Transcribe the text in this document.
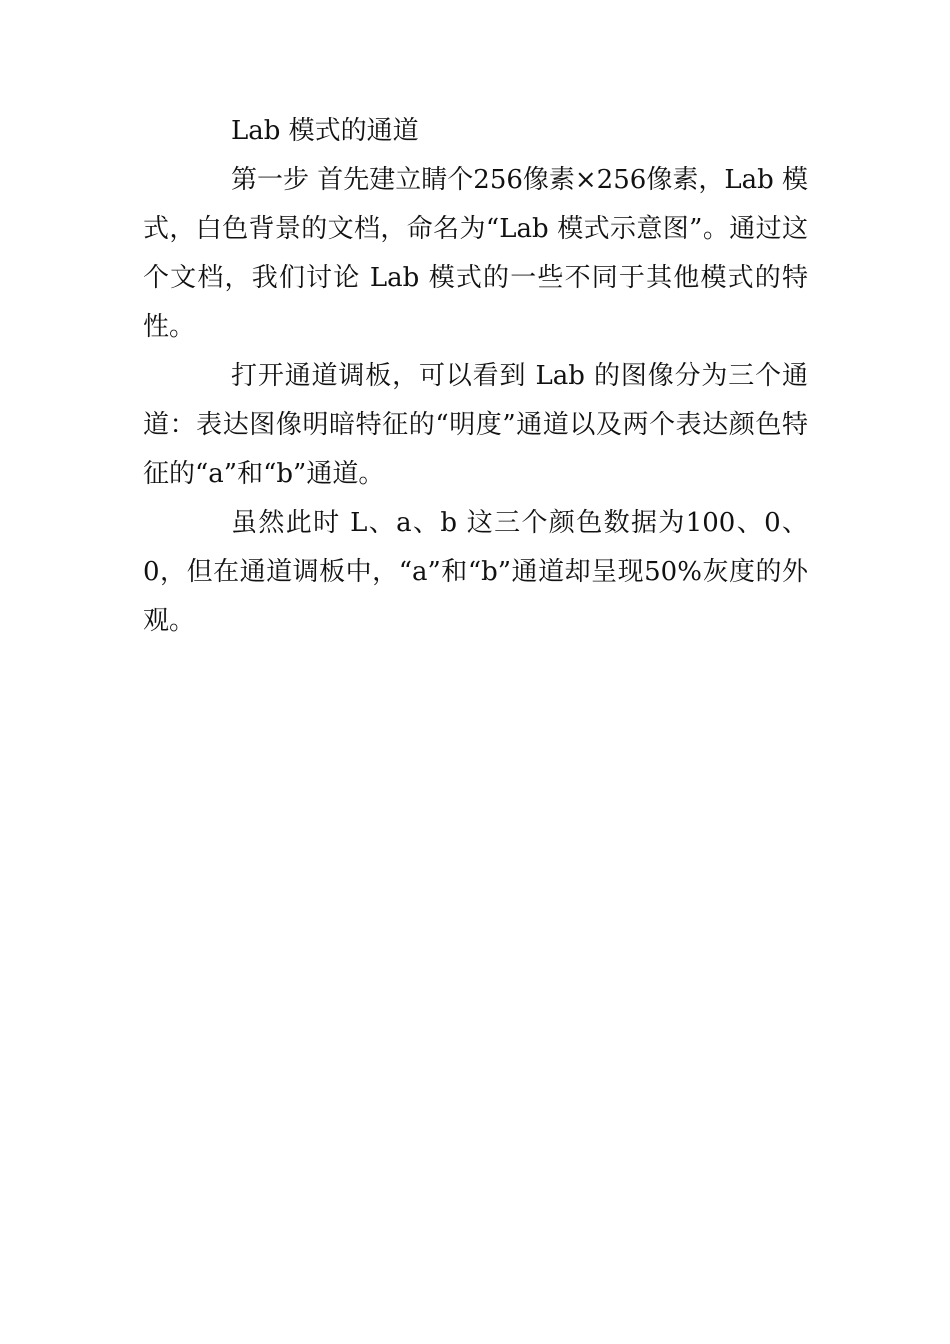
Lab 模式的通道

第一步 首先建立睛个256像素×256像素，Lab 模式，白色背景的文档，命名为“Lab 模式示意图”。通过这个文档，我们讨论 Lab 模式的一些不同于其他模式的特性。

打开通道调板，可以看到 Lab 的图像分为三个通道：表达图像明暗特征的“明度”通道以及两个表达颜色特征的“a”和“b”通道。

虽然此时 L、a、b 这三个颜色数据为100、0、0，但在通道调板中，“a”和“b”通道却呈现50%灰度的外观。
